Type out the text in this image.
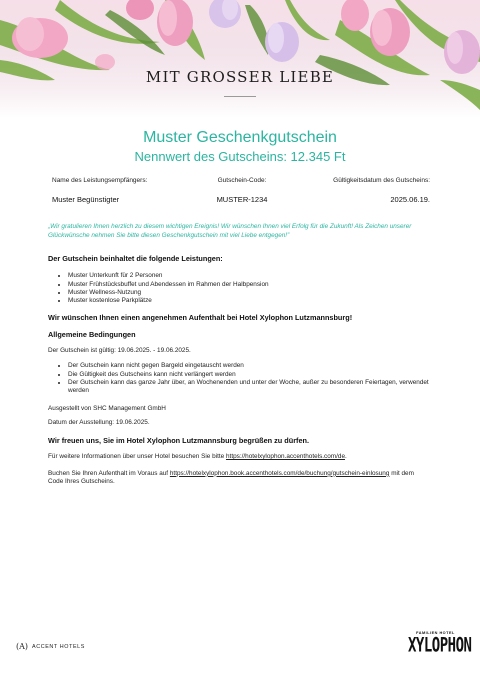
MIT GROSSER LIEBE
Muster Geschenkgutschein
Nennwert des Gutscheins: 12.345 Ft
Name des Leistungsempfängers:	Gutschein-Code:	Gültigkeitsdatum des Gutscheins:
Muster Begünstigter	MUSTER-1234	2025.06.19.
„Wir gratulieren Ihnen herzlich zu diesem wichtigen Ereignis! Wir wünschen Ihnen viel Erfolg für die Zukunft! Als Zeichen unserer Glückwünsche nehmen Sie bitte diesen Geschenkgutschein mit viel Liebe entgegen!”
Der Gutschein beinhaltet die folgende Leistungen:
• Muster Unterkunft für 2 Personen
• Muster Frühstücksbuffet und Abendessen im Rahmen der Halbpension
• Muster Wellness-Nutzung
• Muster kostenlose Parkplätze
Wir wünschen Ihnen einen angenehmen Aufenthalt bei Hotel Xylophon Lutzmannsburg!
Allgemeine Bedingungen

Der Gutschein ist gültig: 19.06.2025. - 19.06.2025.

• Der Gutschein kann nicht gegen Bargeld eingetauscht werden
• Die Gültigkeit des Gutscheins kann nicht verlängert werden
• Der Gutschein kann das ganze Jahr über, an Wochenenden und unter der Woche, außer zu besonderen Feiertagen, verwendet werden

Ausgestellt von SHC Management GmbH

Datum der Ausstellung: 19.06.2025.

Wir freuen uns, Sie im Hotel Xylophon Lutzmannsburg begrüßen zu dürfen.

Für weitere Informationen über unser Hotel besuchen Sie bitte https://hotelxylophon.accenthotels.com/de.

Buchen Sie Ihren Aufenthalt im Voraus auf https://hotelxylophon.book.accenthotels.com/de/buchung/gutschein-einlosung mit dem Code Ihres Gutscheins.

(A) ACCENT HOTELS
FAMILIEN HOTEL
XYLOPHON
